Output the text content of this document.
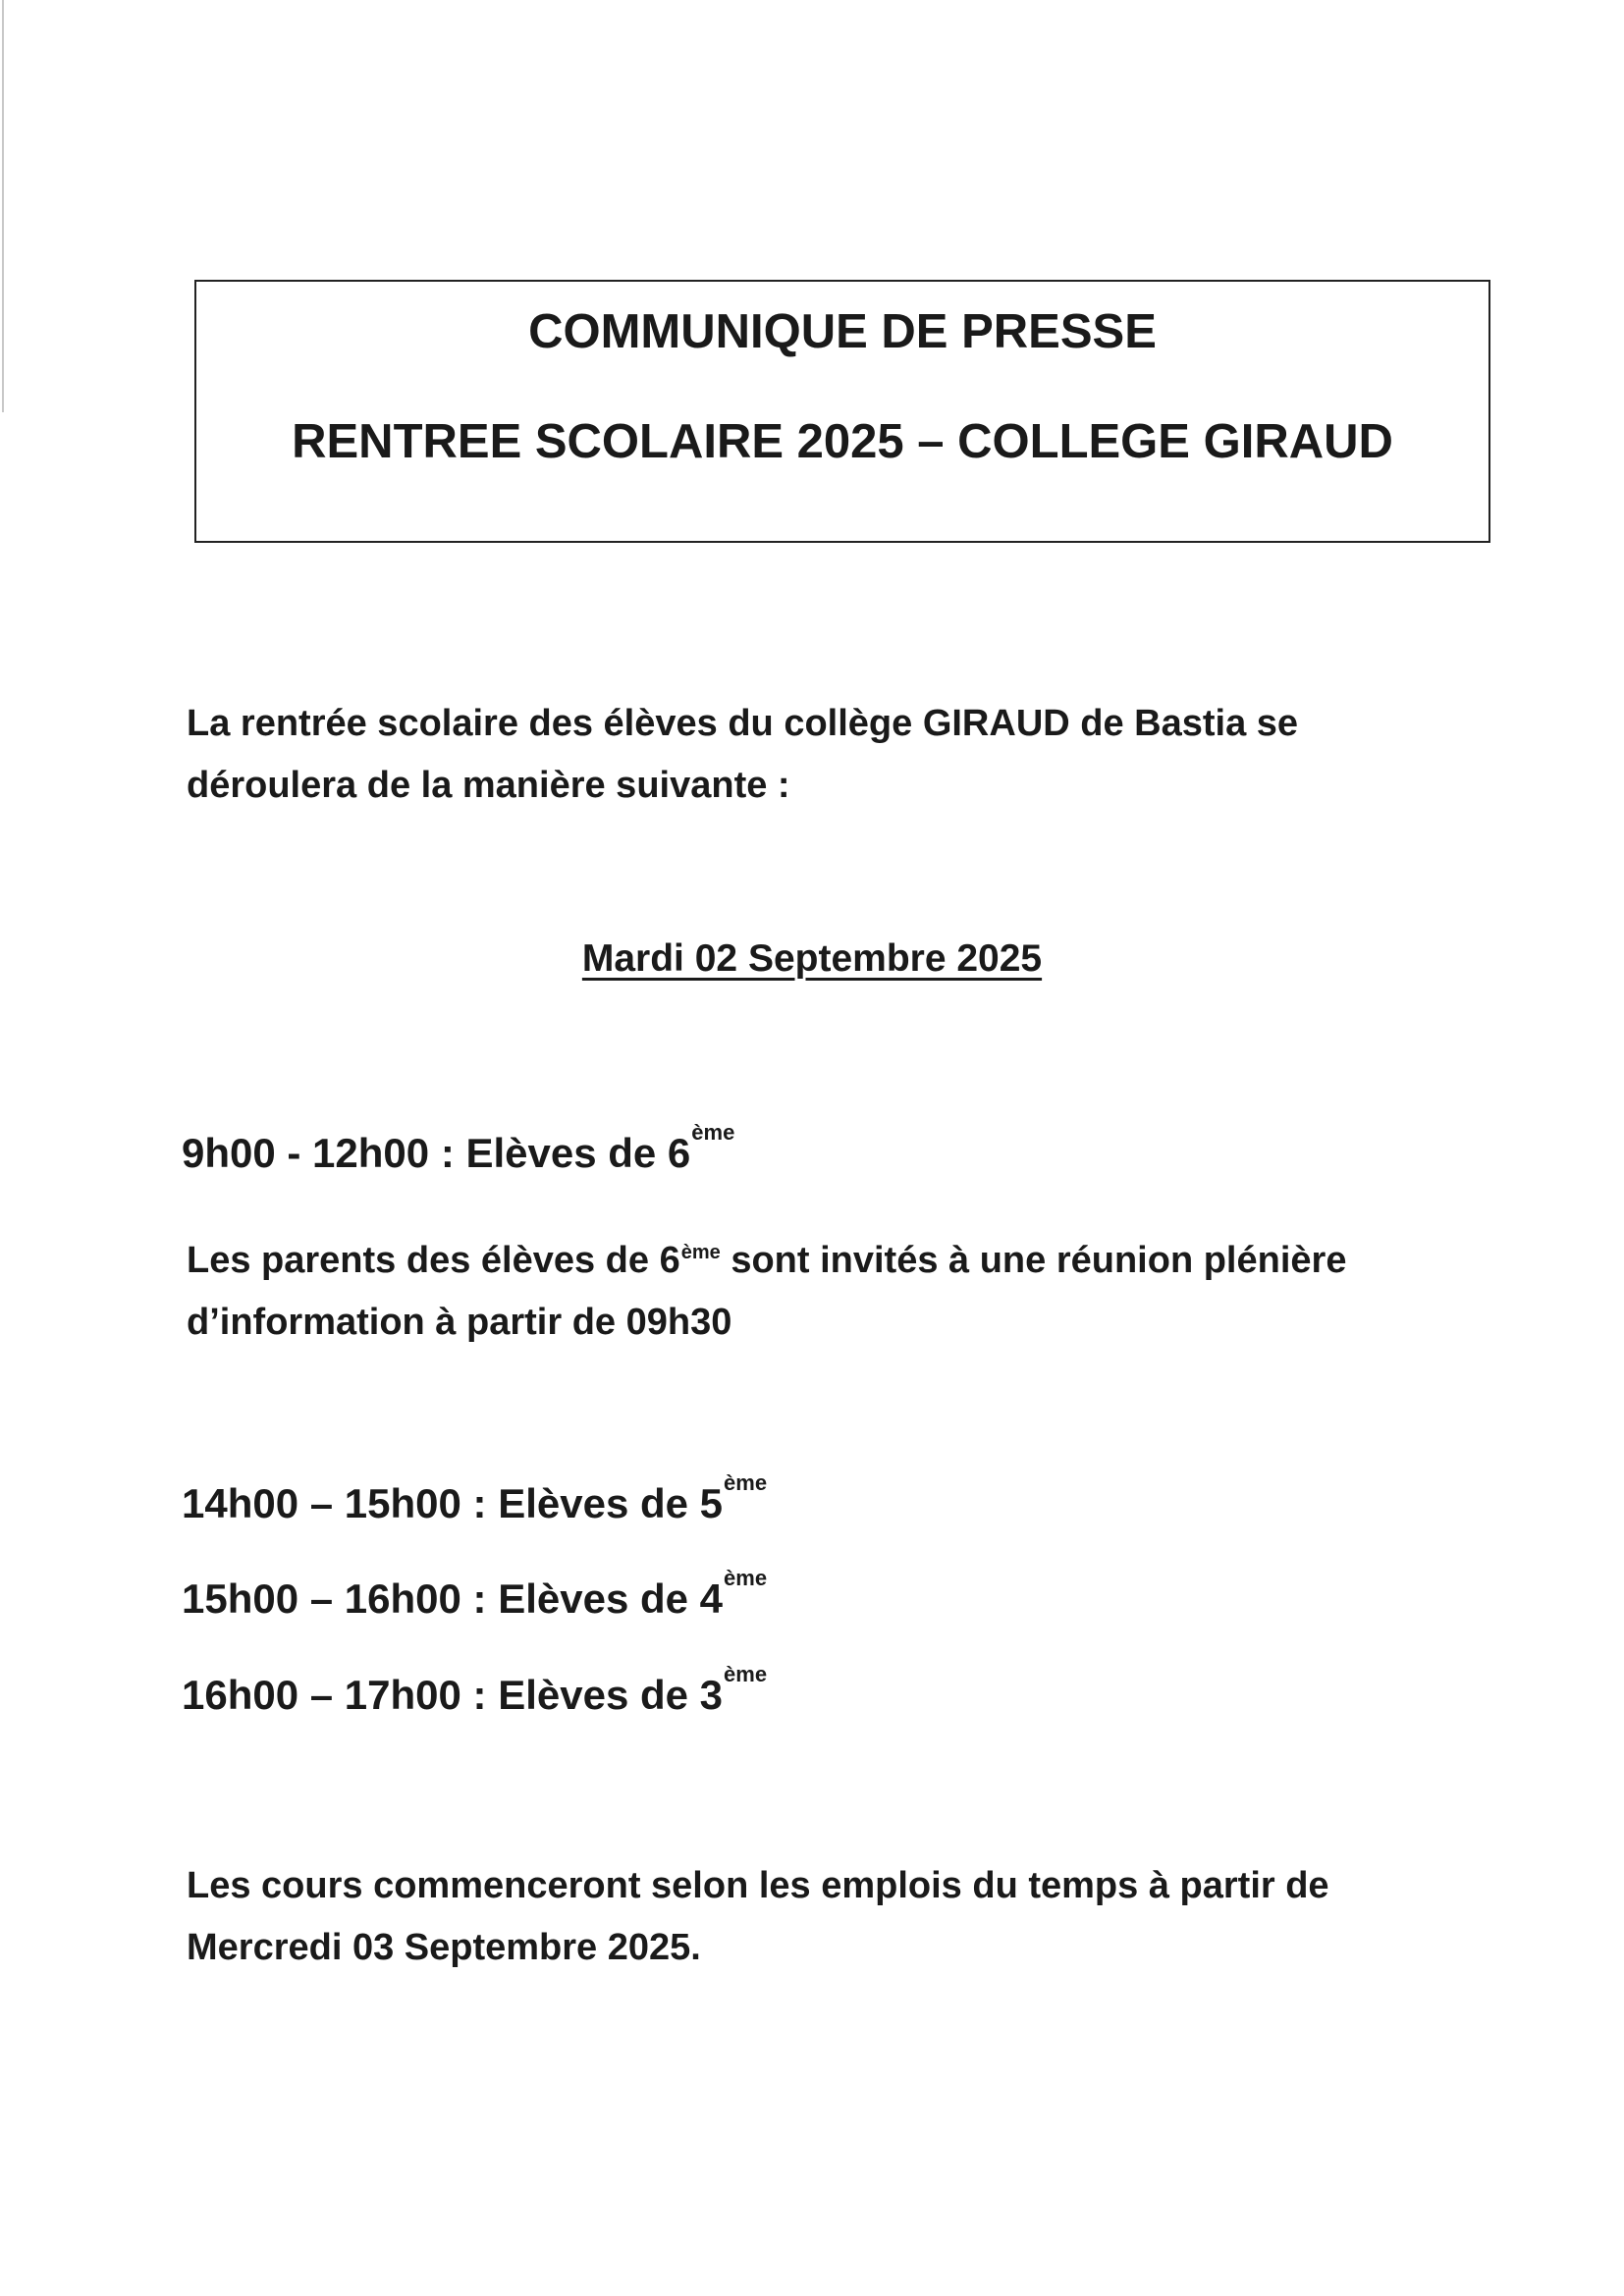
COMMUNIQUE DE PRESSE
RENTREE SCOLAIRE 2025 – COLLEGE GIRAUD
La rentrée scolaire des élèves du collège GIRAUD de Bastia se
déroulera de la manière suivante :
Mardi 02 Septembre 2025
9h00 - 12h00 : Elèves de 6ème
Les parents des élèves de 6ème sont invités à une réunion plénière
d’information à partir de 09h30
14h00 – 15h00 : Elèves de 5ème
15h00 – 16h00 : Elèves de 4ème
16h00 – 17h00 : Elèves de 3ème
Les cours commenceront selon les emplois du temps à partir de
Mercredi 03 Septembre 2025.
